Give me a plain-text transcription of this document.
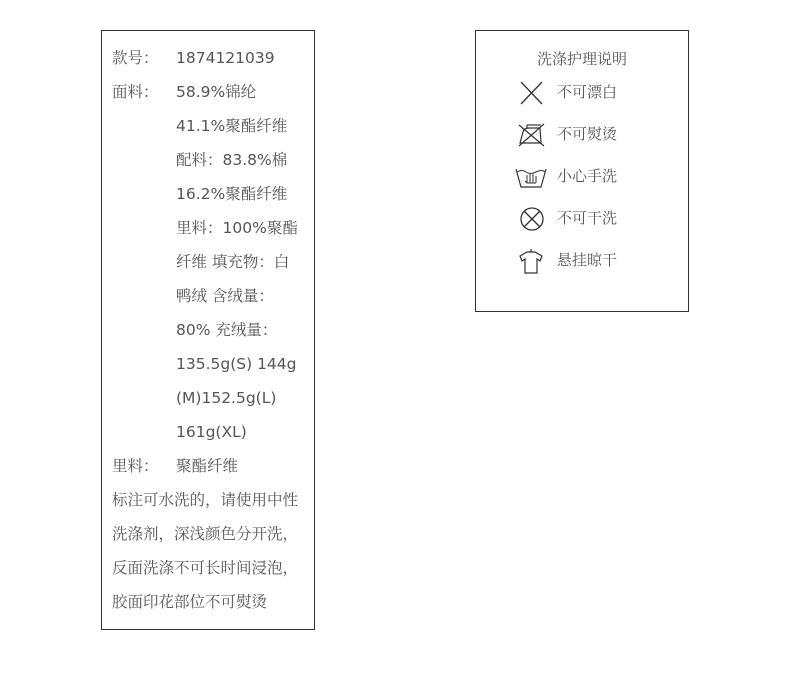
款号： 1874121039
面料： 58.9%锦纶
41.1%聚酯纤维
配料：83.8%棉
16.2%聚酯纤维
里料：100%聚酯
纤维 填充物：白
鸭绒 含绒量：
80% 充绒量：
135.5g(S) 144g
(M)152.5g(L)
161g(XL)
里料： 聚酯纤维
标注可水洗的，请使用中性
洗涤剂，深浅颜色分开洗，
反面洗涤不可长时间浸泡，
胶面印花部位不可熨烫
洗涤护理说明
不可漂白
不可熨烫
小心手洗
不可干洗
悬挂晾干
